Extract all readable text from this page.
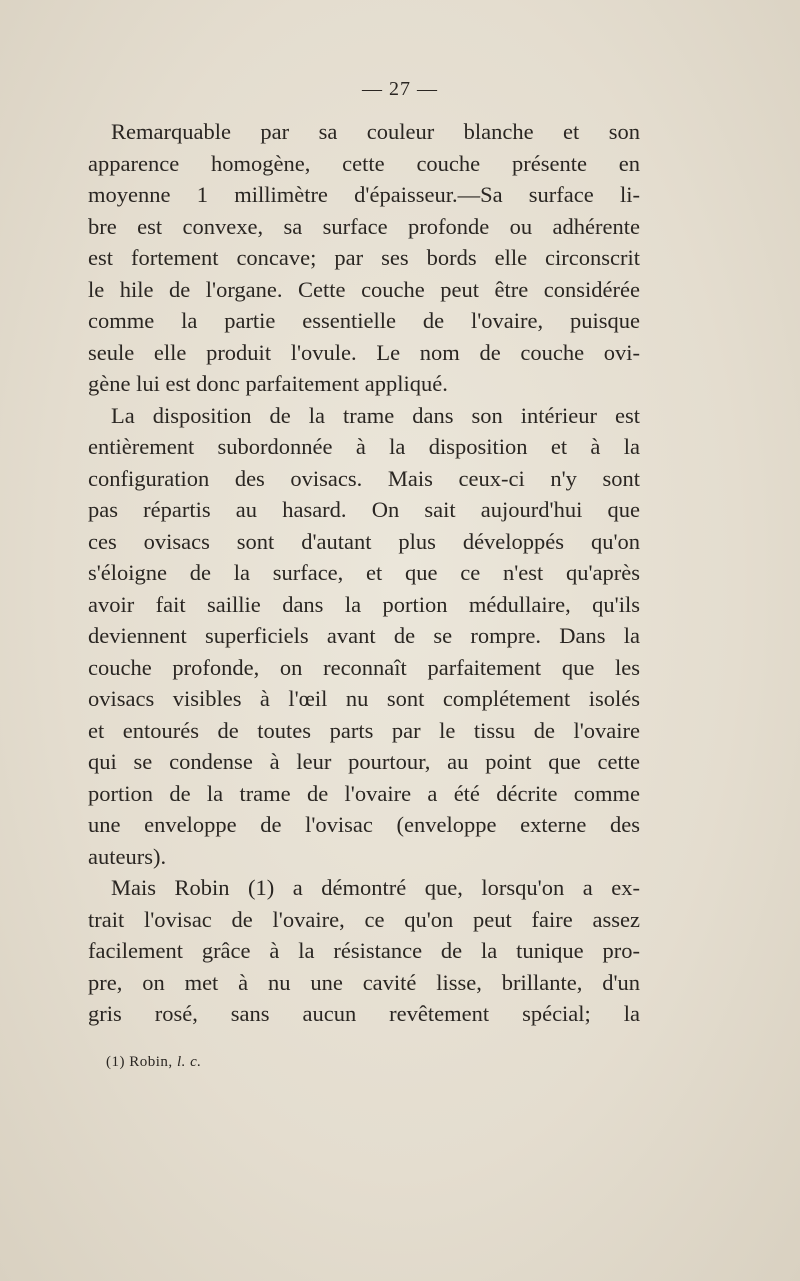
— 27 —
Remarquable par sa couleur blanche et son
apparence homogène, cette couche présente en
moyenne 1 millimètre d'épaisseur.—Sa surface li-
bre est convexe, sa surface profonde ou adhérente
est fortement concave; par ses bords elle circonscrit
le hile de l'organe. Cette couche peut être considérée
comme la partie essentielle de l'ovaire, puisque
seule elle produit l'ovule. Le nom de couche ovi-
gène lui est donc parfaitement appliqué.
La disposition de la trame dans son intérieur est
entièrement subordonnée à la disposition et à la
configuration des ovisacs. Mais ceux-ci n'y sont
pas répartis au hasard. On sait aujourd'hui que
ces ovisacs sont d'autant plus développés qu'on
s'éloigne de la surface, et que ce n'est qu'après
avoir fait saillie dans la portion médullaire, qu'ils
deviennent superficiels avant de se rompre. Dans la
couche profonde, on reconnaît parfaitement que les
ovisacs visibles à l'œil nu sont complétement isolés
et entourés de toutes parts par le tissu de l'ovaire
qui se condense à leur pourtour, au point que cette
portion de la trame de l'ovaire a été décrite comme
une enveloppe de l'ovisac (enveloppe externe des
auteurs).
Mais Robin (1) a démontré que, lorsqu'on a ex-
trait l'ovisac de l'ovaire, ce qu'on peut faire assez
facilement grâce à la résistance de la tunique pro-
pre, on met à nu une cavité lisse, brillante, d'un
gris rosé, sans aucun revêtement spécial; la
(1) Robin, l. c.
